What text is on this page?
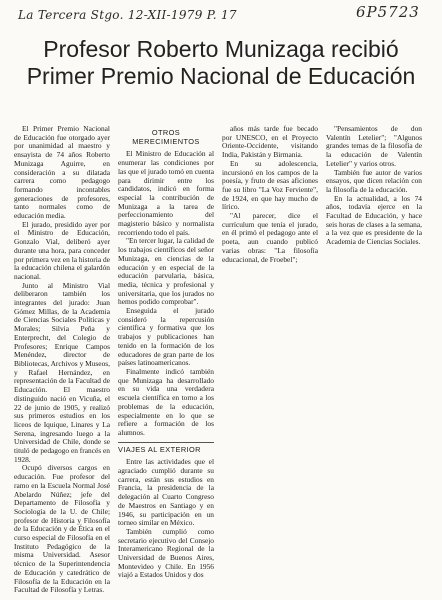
La Tercera Stgo. 12-XII-1979 P. 17	6P5723
Profesor Roberto Munizaga recibió
Primer Premio Nacional de Educación

El Primer Premio Nacional de Educación fue otorgado ayer por unanimidad al maestro y ensayista de 74 años Roberto Munizaga Aguirre, en consideración a su dilatada carrera como pedagogo formando incontables generaciones de profesores, tanto normales como de educación media.

El jurado, presidido ayer por el Ministro de Educación, Gonzalo Vial, deliberó ayer durante una hora, para conceder por primera vez en la historia de la educación chilena el galardón nacional.

Junto al Ministro Vial deliberaron también los integrantes del jurado: Juan Gómez Millas, de la Academia de Ciencias Sociales Políticas y Morales; Silvia Peña y Enterprecht, del Colegio de Profesores; Enrique Campos Menéndez, director de Bibliotecas, Archivos y Museos, y Rafael Hernández, en representación de la Facultad de Educación. El maestro distinguido nació en Vicuña, el 22 de junio de 1905, y realizó sus primeros estudios en los liceos de Iquique, Linares y La Serena, ingresando luego a la Universidad de Chile, donde se tituló de pedagogo en francés en 1928.

Ocupó diversos cargos en educación. Fue profesor del ramo en la Escuela Normal José Abelardo Núñez; jefe del Departamento de Filosofía y Sociología de la U. de Chile; profesor de Historia y Filosofía de la Educación y de Ética en el curso especial de Filosofía en el Instituto Pedagógico de la misma Universidad. Asesor técnico de la Superintendencia de Educación y catedrático de Filosofía de la Educación en la Facultad de Filosofía y Letras.

OTROS MERECIMIENTOS

El Ministro de Educación al enumerar las condiciones por las que el jurado tomó en cuenta para dirimir entre los candidatos, indicó en forma especial la contribución de Munizaga a la tarea de perfeccionamiento del magisterio básico y normalista recorriendo todo el país.

"En tercer lugar, la calidad de los trabajos científicos del señor Munizaga, en ciencias de la educación y en especial de la educación parvularia, básica, media, técnica y profesional y universitaria, que los jurados no hemos podido comprobar".

Enseguida el jurado consideró la repercusión científica y formativa que los trabajos y publicaciones han tenido en la formación de los educadores de gran parte de los países latinoamericanos.

Finalmente indicó también que Munizaga ha desarrollado en su vida una verdadera escuela científica en torno a los problemas de la educación, especialmente en lo que se refiere a formación de los alumnos.

VIAJES AL EXTERIOR

Entre las actividades que el agraciado cumplió durante su carrera, están sus estudios en Francia, la presidencia de la delegación al Cuarto Congreso de Maestros en Santiago y en 1946, su participación en un torneo similar en México.

También cumplió como secretario ejecutivo del Consejo Interamericano Regional de la Universidad de Buenos Aires, Montevideo y Chile. En 1956 viajó a Estados Unidos y dos

años más tarde fue becado por UNESCO, en el Proyecto Oriente-Occidente, visitando India, Pakistán y Birmania.

En su adolescencia, incursionó en los campos de la poesía, y fruto de esas aficiones fue su libro "La Voz Ferviente", de 1924, en que hay mucho de lírico.

"Al parecer, dice el currículum que tenía el jurado, en él primó el pedagogo ante el poeta, aun cuando publicó varias obras: "La filosofía educacional, de Froebel";

"Pensamientos de don Valentín Letelier"; "Algunos grandes temas de la filosofía de la educación de Valentín Letelier" y varios otros.

También fue autor de varios ensayos, que dicen relación con la filosofía de la educación.

En la actualidad, a los 74 años, todavía ejerce en la Facultad de Educación, y hace seis horas de clases a la semana, a la vez que es presidente de la Academia de Ciencias Sociales.
